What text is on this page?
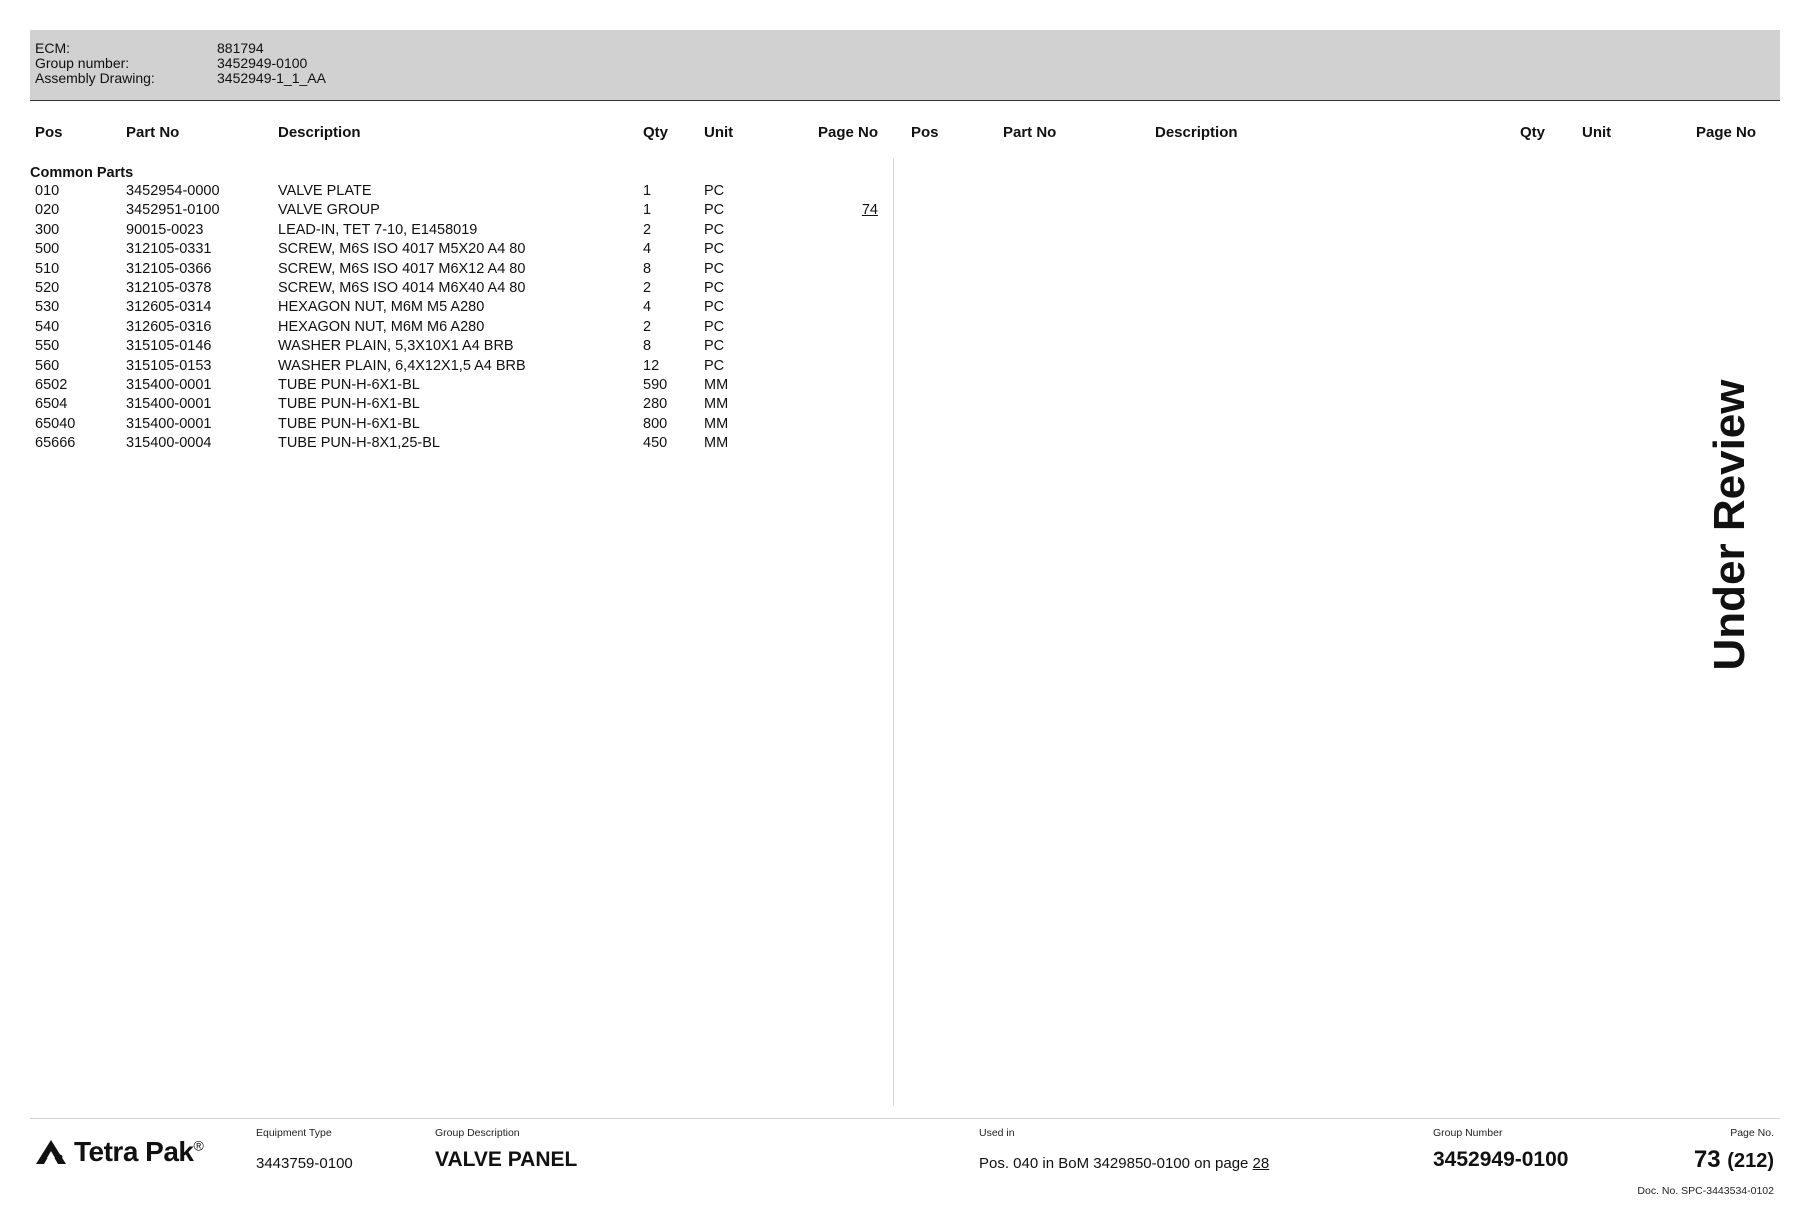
ECM:	881794
Group number:	3452949-0100
Assembly Drawing:	3452949-1_1_AA
Pos	Part No	Description	Qty Unit	Page No Pos	Part No	Description	Qty Unit	Page No
Common Parts
010	3452954-0000	VALVE PLATE	1	PC
020	3452951-0100	VALVE GROUP	1	PC	74
300	90015-0023	LEAD-IN, TET 7-10, E1458019	2	PC
500	312105-0331	SCREW, M6S ISO 4017 M5X20 A4 80	4	PC
510	312105-0366	SCREW, M6S ISO 4017 M6X12 A4 80	8	PC
520	312105-0378	SCREW, M6S ISO 4014 M6X40 A4 80	2	PC
530	312605-0314	HEXAGON NUT, M6M M5 A280	4	PC
540	312605-0316	HEXAGON NUT, M6M M6 A280	2	PC
550	315105-0146	WASHER PLAIN, 5,3X10X1 A4 BRB	8	PC
560	315105-0153	WASHER PLAIN, 6,4X12X1,5 A4 BRB	12	PC
6502	315400-0001	TUBE PUN-H-6X1-BL	590	MM
6504	315400-0001	TUBE PUN-H-6X1-BL	280	MM
65040	315400-0001	TUBE PUN-H-6X1-BL	800	MM
65666	315400-0004	TUBE PUN-H-8X1,25-BL	450	MM	Under Review
Tetra Pak®
Equipment Type
3443759-0100
Group Description
VALVE PANEL
Used in
Pos. 040 in BoM 3429850-0100 on page 28
Group Number
3452949-0100
Page No.
73 (212)
Doc. No. SPC-3443534-0102
